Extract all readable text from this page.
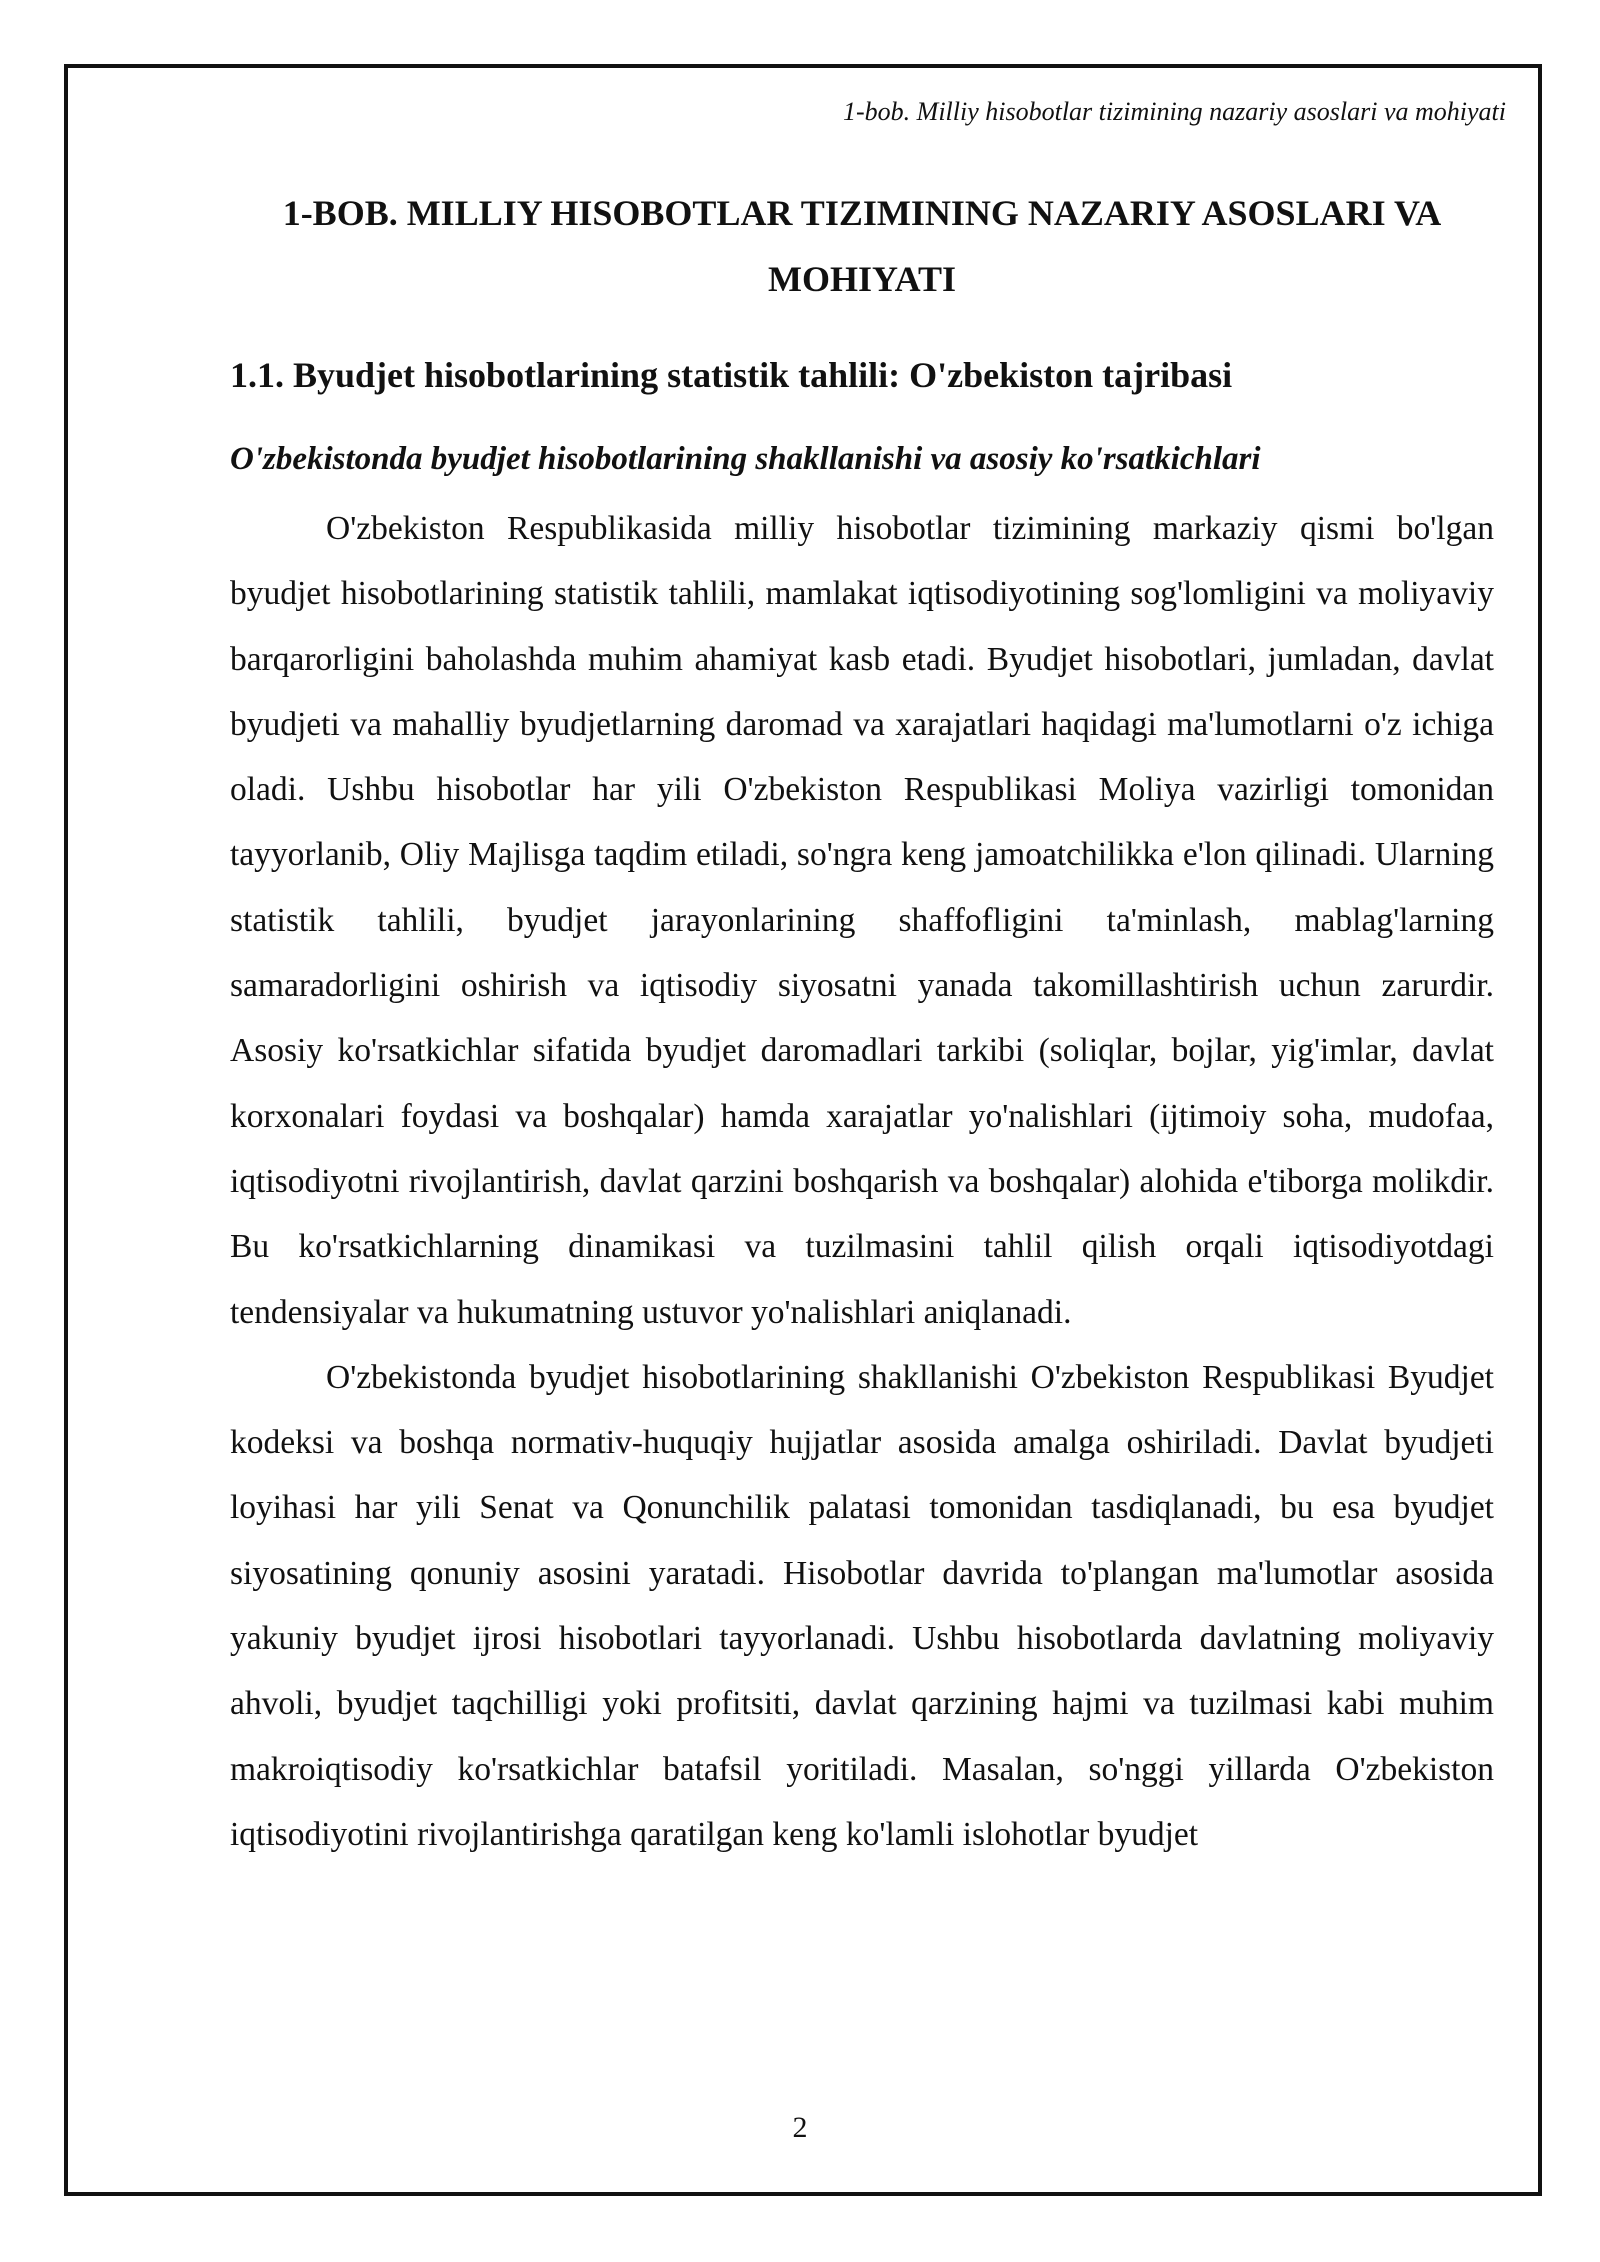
1-bob. Milliy hisobotlar tizimining nazariy asoslari va mohiyati
1-BOB. MILLIY HISOBOTLAR TIZIMINING NAZARIY ASOSLARI VA MOHIYATI
1.1. Byudjet hisobotlarining statistik tahlili: O'zbekiston tajribasi
O'zbekistonda byudjet hisobotlarining shakllanishi va asosiy ko'rsatkichlari

O'zbekiston Respublikasida milliy hisobotlar tizimining markaziy qismi bo'lgan byudjet hisobotlarining statistik tahlili, mamlakat iqtisodiyotining sog'lomligini va moliyaviy barqarorligini baholashda muhim ahamiyat kasb etadi. Byudjet hisobotlari, jumladan, davlat byudjeti va mahalliy byudjetlarning daromad va xarajatlari haqidagi ma'lumotlarni o'z ichiga oladi. Ushbu hisobotlar har yili O'zbekiston Respublikasi Moliya vazirligi tomonidan tayyorlanib, Oliy Majlisga taqdim etiladi, so'ngra keng jamoatchilikka e'lon qilinadi. Ularning statistik tahlili, byudjet jarayonlarining shaffofligini ta'minlash, mablag'larning samaradorligini oshirish va iqtisodiy siyosatni yanada takomillashtirish uchun zarurdir. Asosiy ko'rsatkichlar sifatida byudjet daromadlari tarkibi (soliqlar, bojlar, yig'imlar, davlat korxonalari foydasi va boshqalar) hamda xarajatlar yo'nalishlari (ijtimoiy soha, mudofaa, iqtisodiyotni rivojlantirish, davlat qarzini boshqarish va boshqalar) alohida e'tiborga molikdir. Bu ko'rsatkichlarning dinamikasi va tuzilmasini tahlil qilish orqali iqtisodiyotdagi tendensiyalar va hukumatning ustuvor yo'nalishlari aniqlanadi.

O'zbekistonda byudjet hisobotlarining shakllanishi O'zbekiston Respublikasi Byudjet kodeksi va boshqa normativ-huquqiy hujjatlar asosida amalga oshiriladi. Davlat byudjeti loyihasi har yili Senat va Qonunchilik palatasi tomonidan tasdiqlanadi, bu esa byudjet siyosatining qonuniy asosini yaratadi. Hisobotlar davrida to'plangan ma'lumotlar asosida yakuniy byudjet ijrosi hisobotlari tayyorlanadi. Ushbu hisobotlarda davlatning moliyaviy ahvoli, byudjet taqchilligi yoki profitsiti, davlat qarzining hajmi va tuzilmasi kabi muhim makroiqtisodiy ko'rsatkichlar batafsil yoritiladi. Masalan, so'nggi yillarda O'zbekiston iqtisodiyotini rivojlantirishga qaratilgan keng ko'lamli islohotlar byudjet

2
